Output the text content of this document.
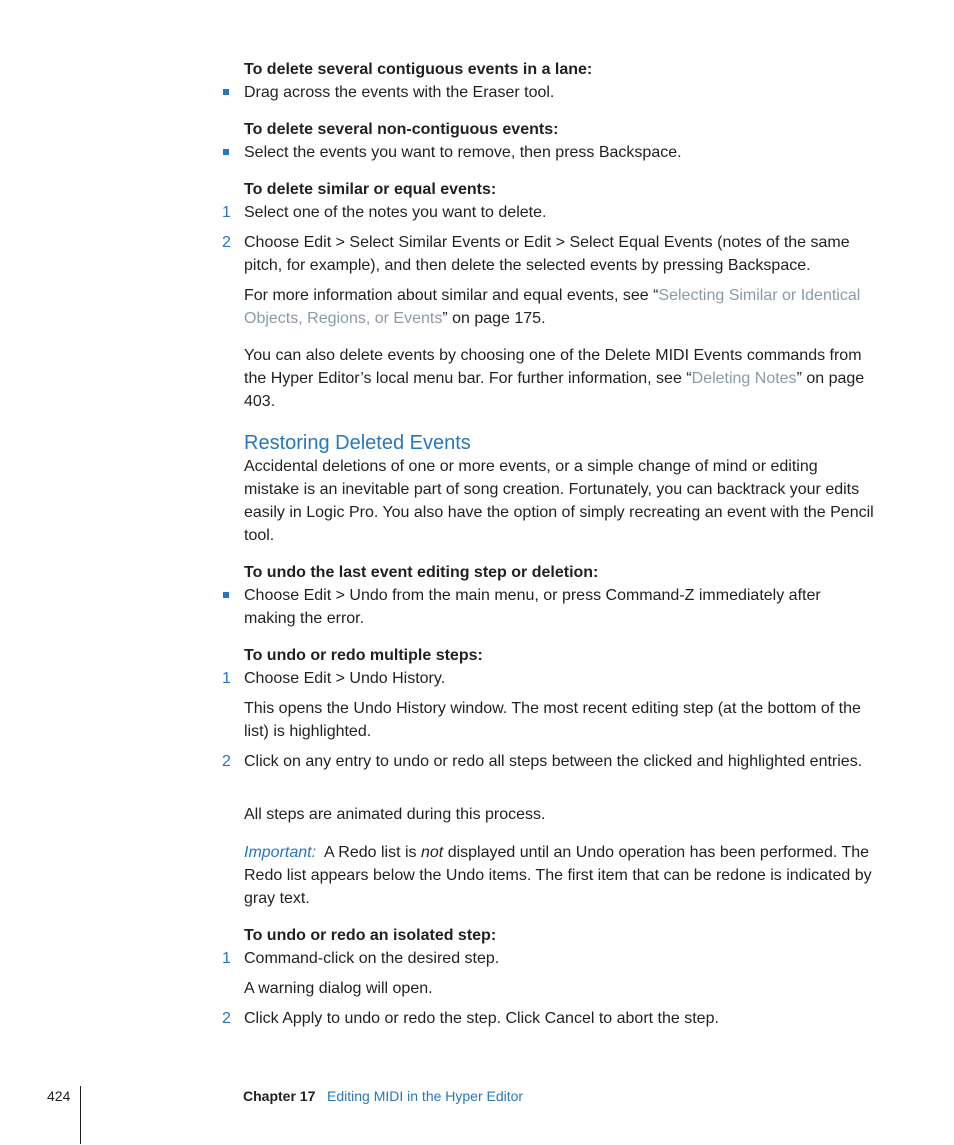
To delete several contiguous events in a lane:
Drag across the events with the Eraser tool.
To delete several non-contiguous events:
Select the events you want to remove, then press Backspace.
To delete similar or equal events:
1 Select one of the notes you want to delete.
2 Choose Edit > Select Similar Events or Edit > Select Equal Events (notes of the same pitch, for example), and then delete the selected events by pressing Backspace.
For more information about similar and equal events, see “Selecting Similar or Identical Objects, Regions, or Events” on page 175.
You can also delete events by choosing one of the Delete MIDI Events commands from the Hyper Editor’s local menu bar. For further information, see “Deleting Notes” on page 403.
Restoring Deleted Events
Accidental deletions of one or more events, or a simple change of mind or editing mistake is an inevitable part of song creation. Fortunately, you can backtrack your edits easily in Logic Pro. You also have the option of simply recreating an event with the Pencil tool.
To undo the last event editing step or deletion:
Choose Edit > Undo from the main menu, or press Command-Z immediately after making the error.
To undo or redo multiple steps:
1 Choose Edit > Undo History.
This opens the Undo History window. The most recent editing step (at the bottom of the list) is highlighted.
2 Click on any entry to undo or redo all steps between the clicked and highlighted entries.
All steps are animated during this process.
Important: A Redo list is not displayed until an Undo operation has been performed. The Redo list appears below the Undo items. The first item that can be redone is indicated by gray text.
To undo or redo an isolated step:
1 Command-click on the desired step.
A warning dialog will open.
2 Click Apply to undo or redo the step. Click Cancel to abort the step.
424	Chapter 17 Editing MIDI in the Hyper Editor
